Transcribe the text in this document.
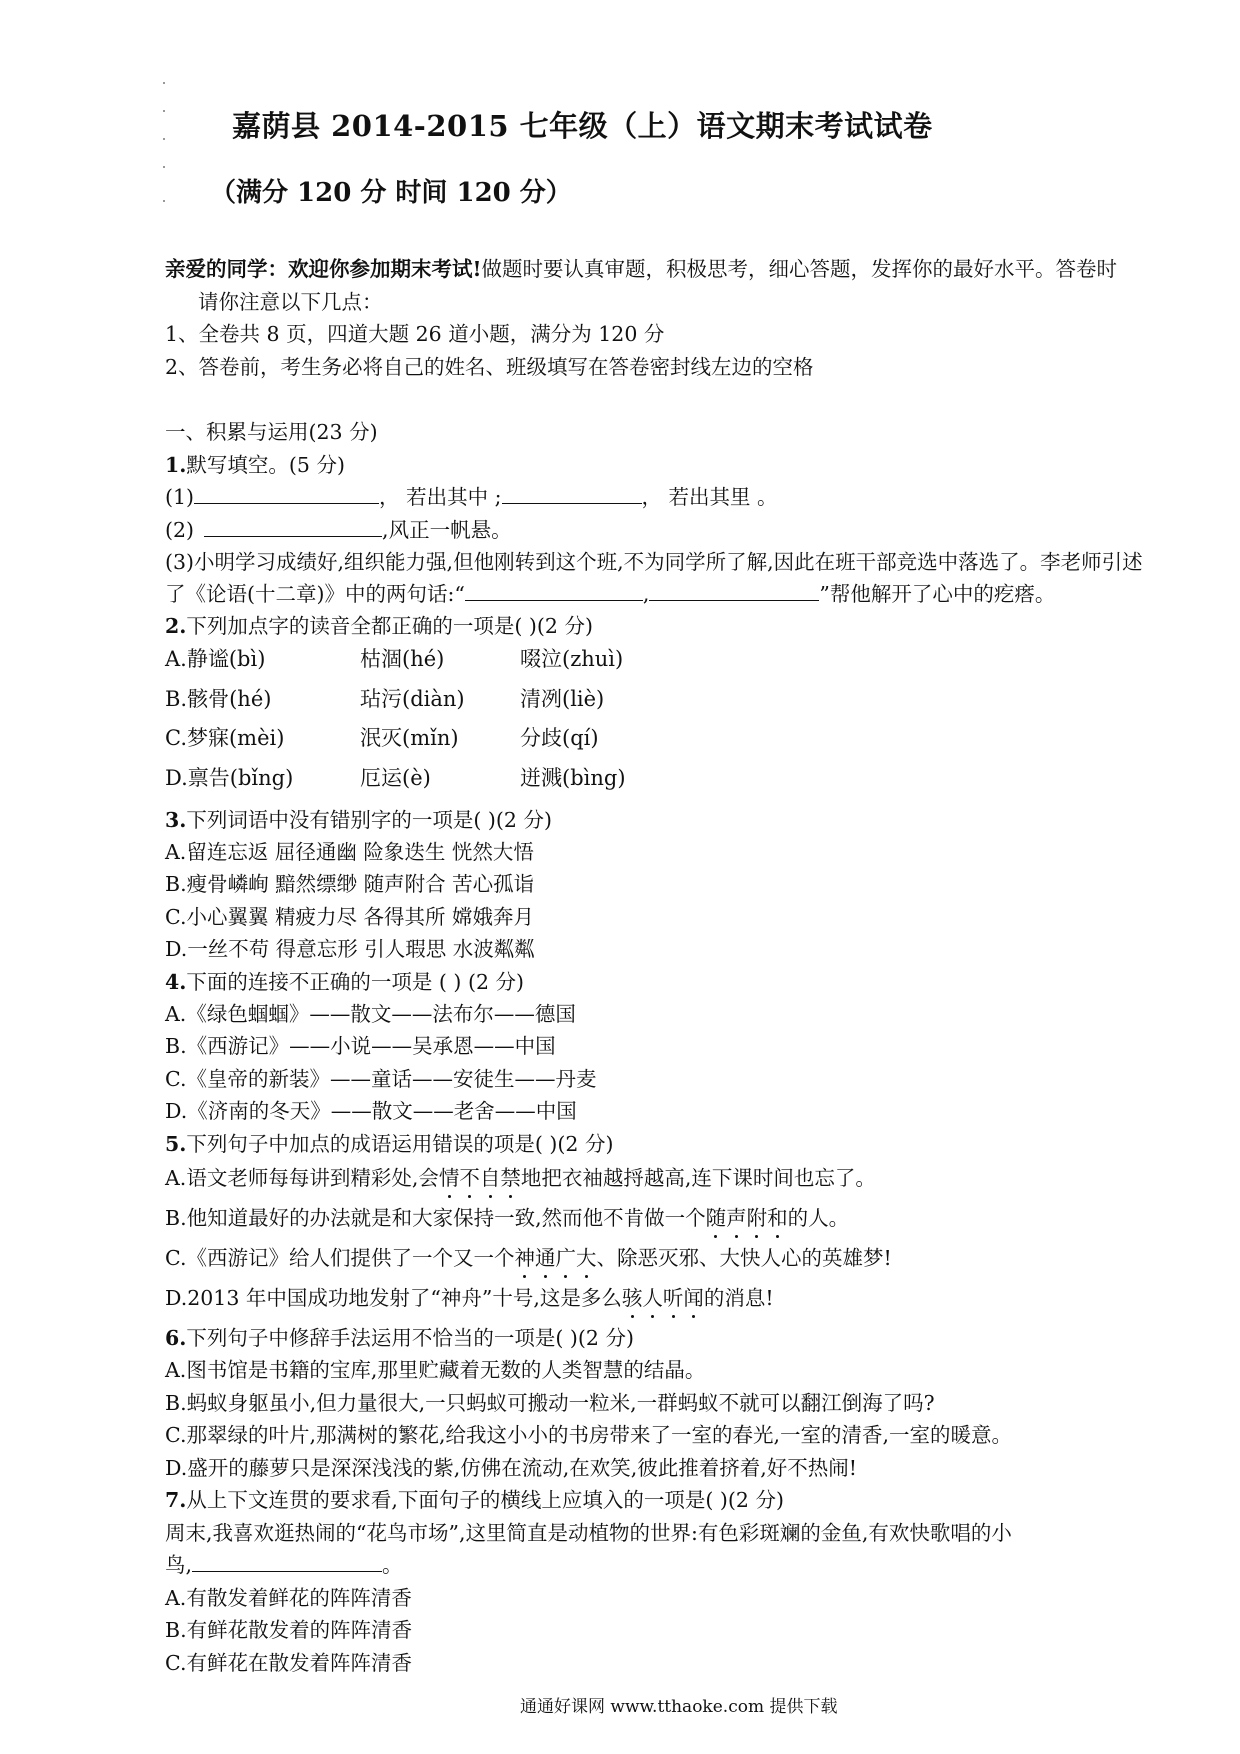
嘉荫县 2014-2015 七年级（上）语文期末考试试卷
（满分 120 分 时间 120 分）
亲爱的同学：欢迎你参加期末考试!做题时要认真审题，积极思考，细心答题，发挥你的最好水平。答卷时
请你注意以下几点：
1、全卷共 8 页，四道大题 26 道小题，满分为 120 分
2、答卷前，考生务必将自己的姓名、班级填写在答卷密封线左边的空格
一、积累与运用(23 分)
1.默写填空。(5 分)
(1)	， 若出其中 ;	， 若出其里 。
(2)	,风正一帆悬。
(3)小明学习成绩好,组织能力强,但他刚转到这个班,不为同学所了解,因此在班干部竞选中落选了。李老师引述
了《论语(十二章)》中的两句话:“	,	”帮他解开了心中的疙瘩。
2.下列加点字的读音全都正确的一项是( )(2 分)
A.静谧(bì)	枯涸(hé)	啜泣(zhuì)
B.骸骨(hé)	玷污(diàn)	清冽(liè)
C.梦寐(mèi)	泯灭(mǐn)	分歧(qí)
D.禀告(bǐng)	厄运(è)	迸溅(bìng)
3.下列词语中没有错别字的一项是( )(2 分)
A.留连忘返 屈径通幽 险象迭生 恍然大悟
B.瘦骨嶙峋 黯然缥缈 随声附合 苦心孤诣
C.小心翼翼 精疲力尽 各得其所 嫦娥奔月
D.一丝不苟 得意忘形 引人瑕思 水波粼粼
4.下面的连接不正确的一项是 ( ) (2 分)
A.《绿色蝈蝈》——散文——法布尔——德国
B.《西游记》——小说——吴承恩——中国
C.《皇帝的新装》——童话——安徒生——丹麦
D.《济南的冬天》——散文——老舍——中国
5.下列句子中加点的成语运用错误的项是( )(2 分)
A.语文老师每每讲到精彩处,会情不自禁地把衣袖越捋越高,连下课时间也忘了。
B.他知道最好的办法就是和大家保持一致,然而他不肯做一个随声附和的人。
C.《西游记》给人们提供了一个又一个神通广大、除恶灭邪、大快人心的英雄梦!
D.2013 年中国成功地发射了“神舟”十号,这是多么骇人听闻的消息!
6.下列句子中修辞手法运用不恰当的一项是( )(2 分)
A.图书馆是书籍的宝库,那里贮藏着无数的人类智慧的结晶。
B.蚂蚁身躯虽小,但力量很大,一只蚂蚁可搬动一粒米,一群蚂蚁不就可以翻江倒海了吗?
C.那翠绿的叶片,那满树的繁花,给我这小小的书房带来了一室的春光,一室的清香,一室的暖意。
D.盛开的藤萝只是深深浅浅的紫,仿佛在流动,在欢笑,彼此推着挤着,好不热闹!
7.从上下文连贯的要求看,下面句子的横线上应填入的一项是( )(2 分)
周末,我喜欢逛热闹的“花鸟市场”,这里简直是动植物的世界:有色彩斑斓的金鱼,有欢快歌唱的小
鸟,	。
A.有散发着鲜花的阵阵清香
B.有鲜花散发着的阵阵清香
C.有鲜花在散发着阵阵清香
通通好课网 www.tthaoke.com 提供下载
